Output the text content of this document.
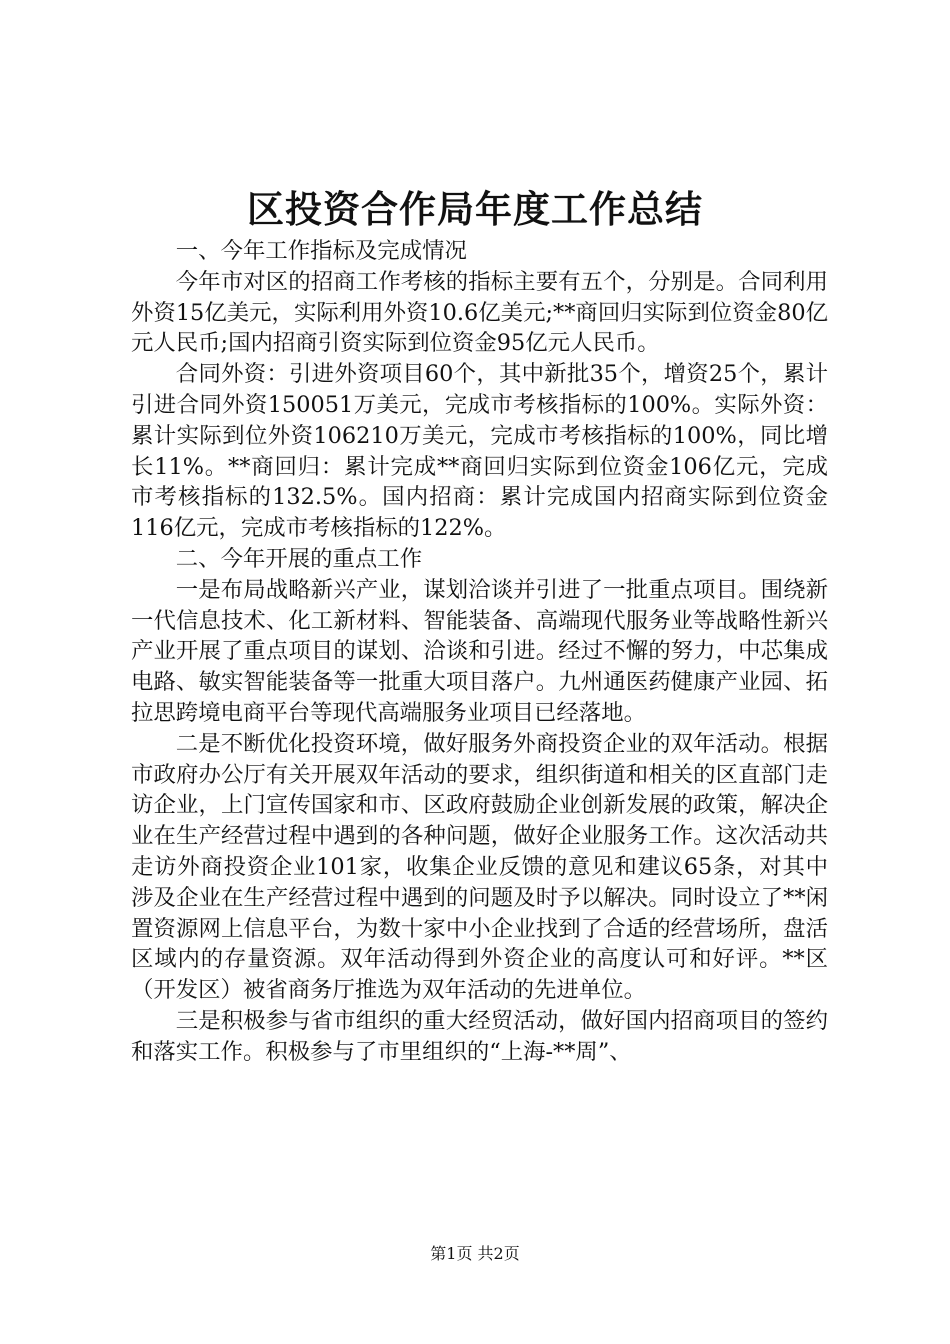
区投资合作局年度工作总结

一、今年工作指标及完成情况

今年市对区的招商工作考核的指标主要有五个，分别是。合同利用外资15亿美元，实际利用外资10.6亿美元;**商回归实际到位资金80亿元人民币;国内招商引资实际到位资金95亿元人民币。

合同外资：引进外资项目60个，其中新批35个，增资25个，累计引进合同外资150051万美元，完成市考核指标的100%。实际外资：累计实际到位外资106210万美元，完成市考核指标的100%，同比增长11%。**商回归：累计完成**商回归实际到位资金106亿元，完成市考核指标的132.5%。国内招商：累计完成国内招商实际到位资金116亿元，完成市考核指标的122%。

二、今年开展的重点工作

一是布局战略新兴产业，谋划洽谈并引进了一批重点项目。围绕新一代信息技术、化工新材料、智能装备、高端现代服务业等战略性新兴产业开展了重点项目的谋划、洽谈和引进。经过不懈的努力，中芯集成电路、敏实智能装备等一批重大项目落户。九州通医药健康产业园、拓拉思跨境电商平台等现代高端服务业项目已经落地。

二是不断优化投资环境，做好服务外商投资企业的双年活动。根据市政府办公厅有关开展双年活动的要求，组织街道和相关的区直部门走访企业，上门宣传国家和市、区政府鼓励企业创新发展的政策，解决企业在生产经营过程中遇到的各种问题，做好企业服务工作。这次活动共走访外商投资企业101家，收集企业反馈的意见和建议65条，对其中涉及企业在生产经营过程中遇到的问题及时予以解决。同时设立了**闲置资源网上信息平台，为数十家中小企业找到了合适的经营场所，盘活区域内的存量资源。双年活动得到外资企业的高度认可和好评。**区（开发区）被省商务厅推选为双年活动的先进单位。

三是积极参与省市组织的重大经贸活动，做好国内招商项目的签约和落实工作。积极参与了市里组织的“上海-**周”、

第1页 共2页
